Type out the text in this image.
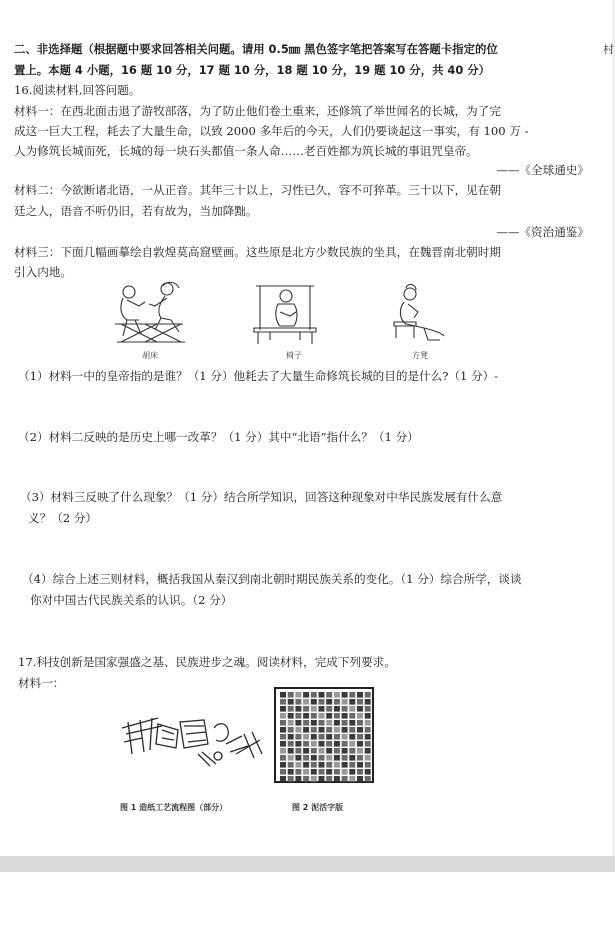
村
二、非选择题（根据题中要求回答相关问题。请用 0.5㎜ 黑色签字笔把答案写在答题卡指定的位
置上。本题 4 小题，16 题 10 分，17 题 10 分，18 题 10 分，19 题 10 分，共 40 分）
16.阅读材料,回答问题。
材料一：在西北面击退了游牧部落，为了防止他们卷土重来，还修筑了举世闻名的长城，为了完
成这一巨大工程，耗去了大量生命，以致 2000 多年后的今天，人们仍要谈起这一事实，有 100 万 -
人为修筑长城而死，长城的每一块石头都值一条人命……老百姓都为筑长城的事诅咒皇帝。
——《全球通史》
材料二：今欲断诸北语，一从正音。其年三十以上，习性已久，容不可猝革。三十以下，见在朝
廷之人，语音不听仍旧，若有故为，当加降黜。
——《资治通鉴》
材料三：下面几幅画摹绘自敦煌莫高窟壁画。这些原是北方少数民族的坐具，在魏晋南北朝时期
引入内地。
胡床	椅子	方凳
（1）材料一中的皇帝指的是谁？（1 分）他耗去了大量生命修筑长城的目的是什么?（1 分）-
（2）材料二反映的是历史上哪一改革？（1 分）其中“北语”指什么？（1 分）
（3）材料三反映了什么现象？（1 分）结合所学知识，回答这种现象对中华民族发展有什么意
义？（2 分）
（4）综合上述三则材料，概括我国从秦汉到南北朝时期民族关系的变化。（1 分）综合所学，谈谈
你对中国古代民族关系的认识。（2 分）
17.科技创新是国家强盛之基、民族进步之魂。阅读材料，完成下列要求。
材料一：
图 1 造纸工艺流程图（部分）	图 2 泥活字版
